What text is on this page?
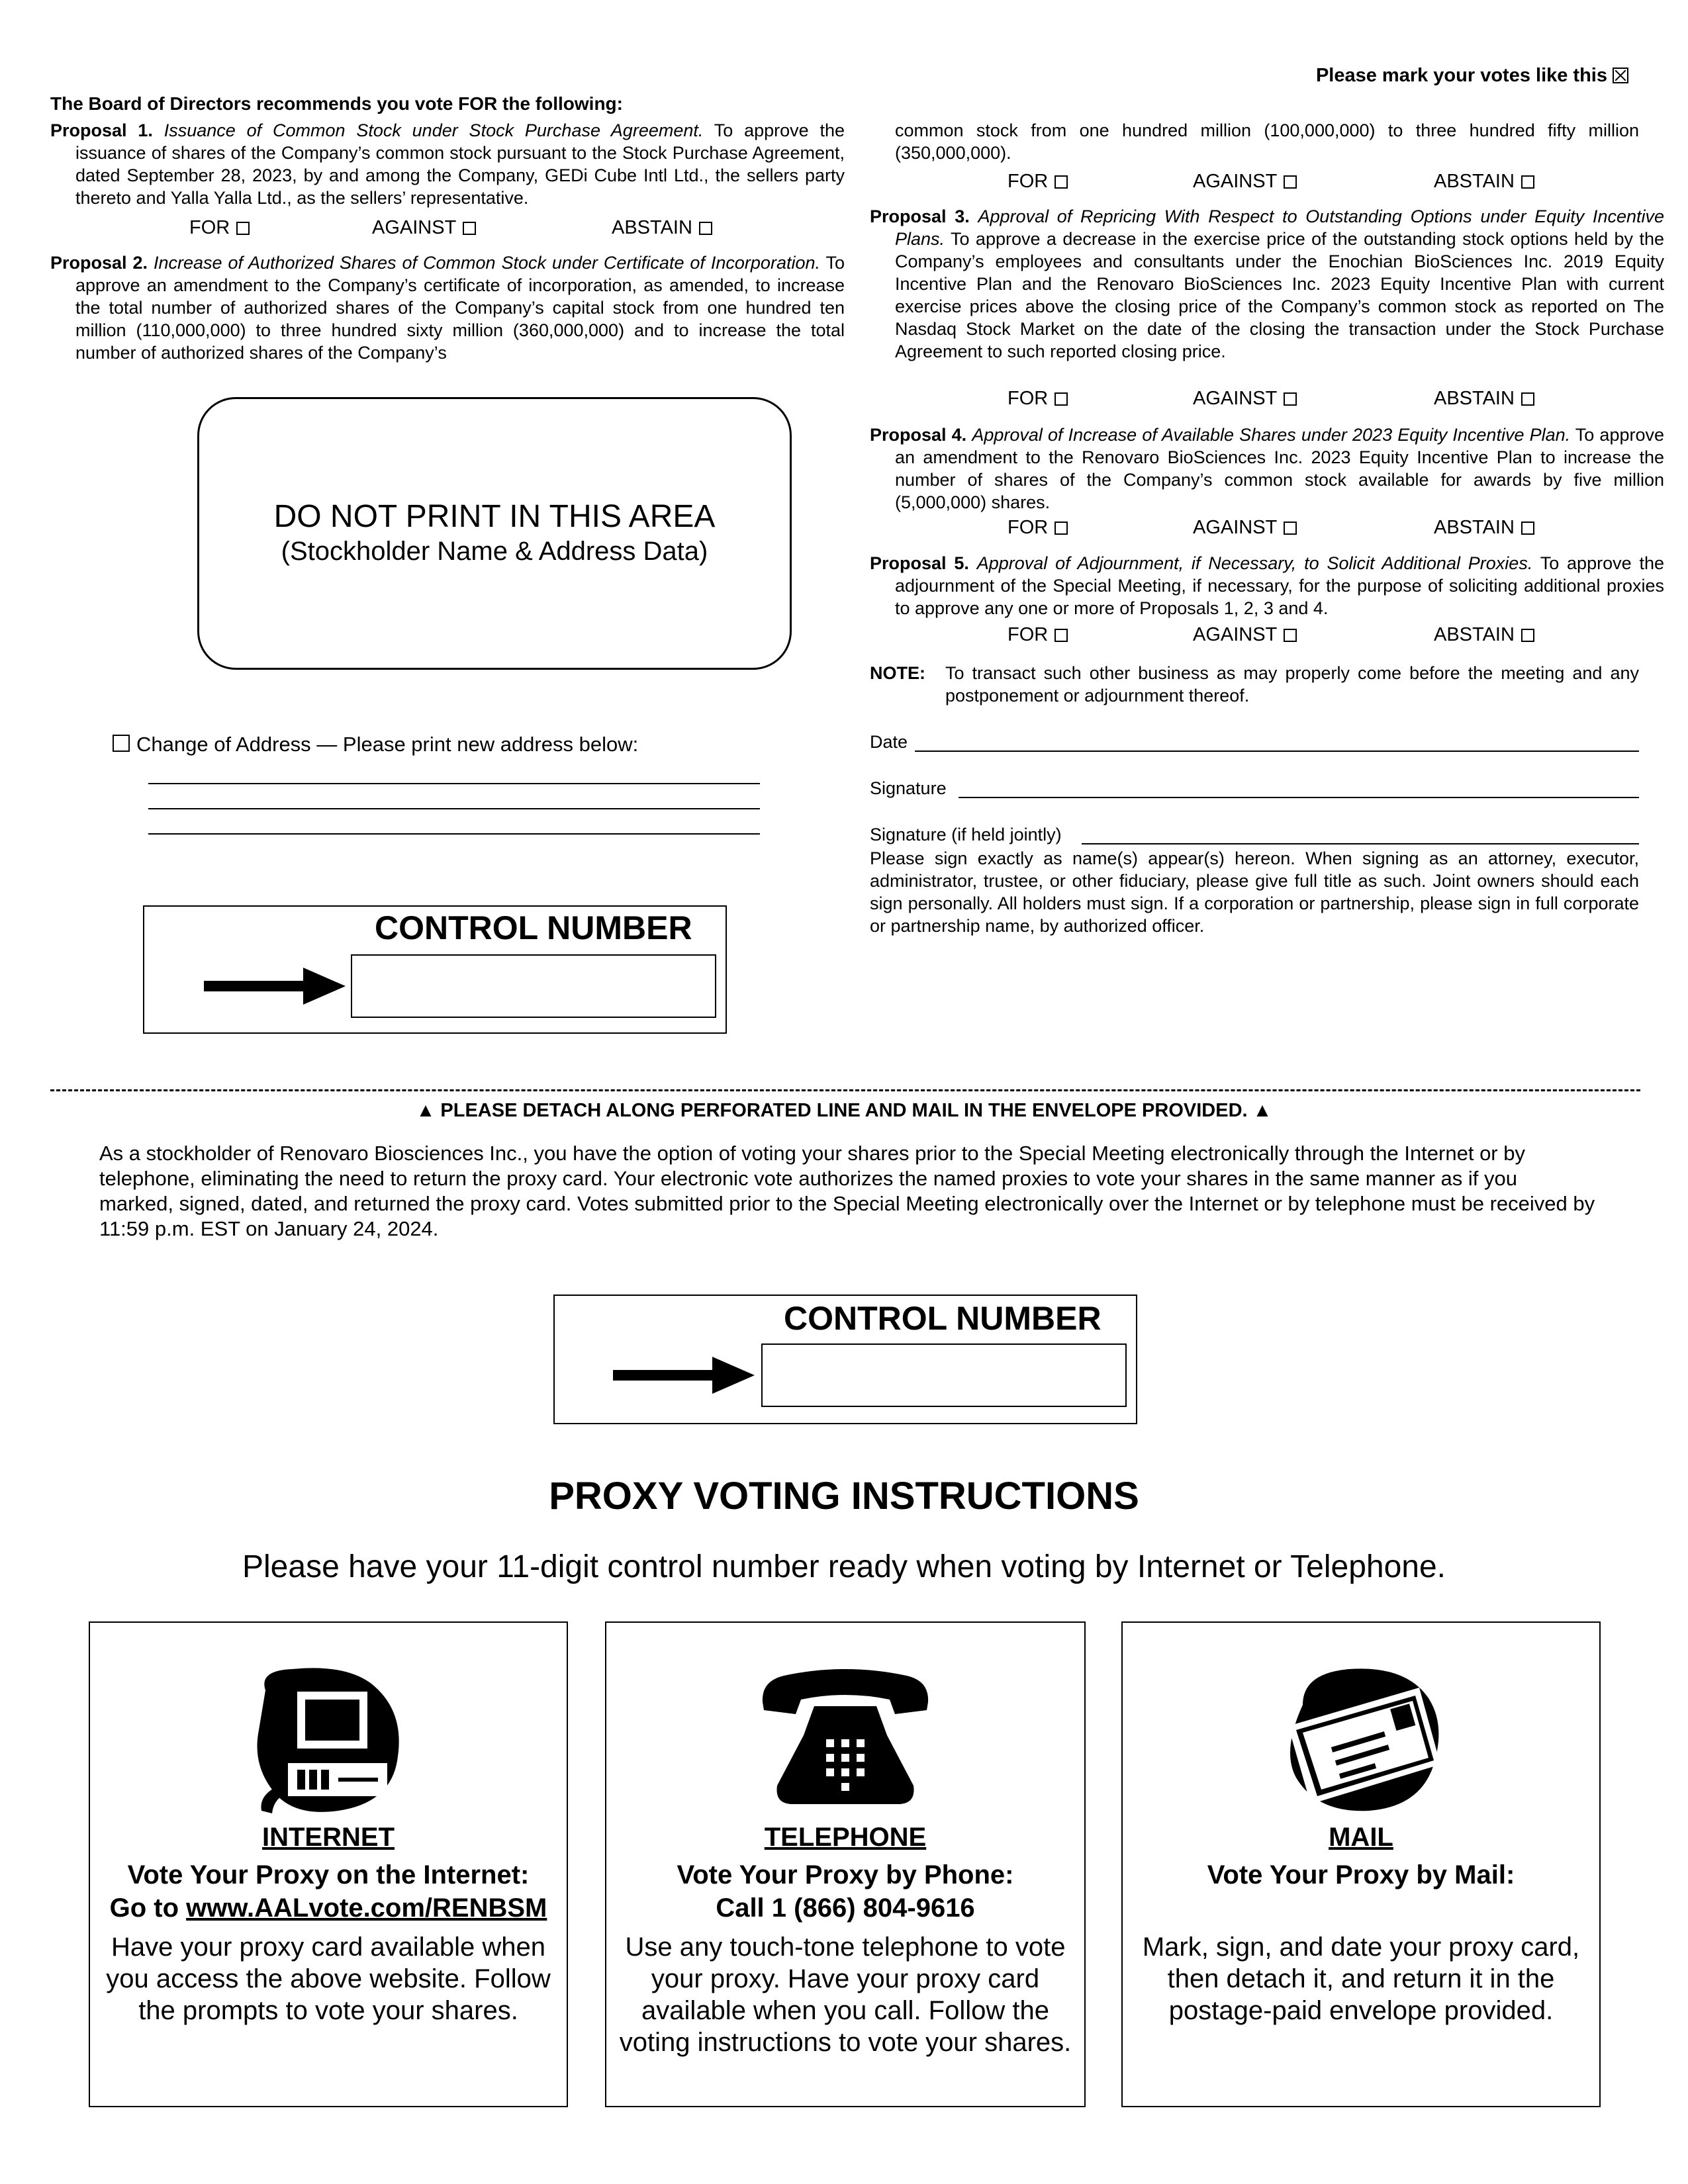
Please mark your votes like this
The Board of Directors recommends you vote FOR the following:
Proposal 1. Issuance of Common Stock under Stock Purchase Agreement. To approve the issuance of shares of the Company’s common stock pursuant to the Stock Purchase Agreement, dated September 28, 2023, by and among the Company, GEDi Cube Intl Ltd., the sellers party thereto and Yalla Yalla Ltd., as the sellers’ representative.
FOR	AGAINST	ABSTAIN
Proposal 2. Increase of Authorized Shares of Common Stock under Certificate of Incorporation. To approve an amendment to the Company’s certificate of incorporation, as amended, to increase the total number of authorized shares of the Company’s capital stock from one hundred ten million (110,000,000) to three hundred sixty million (360,000,000) and to increase the total number of authorized shares of the Company’s
DO NOT PRINT IN THIS AREA
(Stockholder Name & Address Data)
Change of Address — Please print new address below:
CONTROL NUMBER
common stock from one hundred million (100,000,000) to three hundred fifty million (350,000,000).
FOR	AGAINST	ABSTAIN
Proposal 3. Approval of Repricing With Respect to Outstanding Options under Equity Incentive Plans. To approve a decrease in the exercise price of the outstanding stock options held by the Company’s employees and consultants under the Enochian BioSciences Inc. 2019 Equity Incentive Plan and the Renovaro BioSciences Inc. 2023 Equity Incentive Plan with current exercise prices above the closing price of the Company’s common stock as reported on The Nasdaq Stock Market on the date of the closing the transaction under the Stock Purchase Agreement to such reported closing price.
FOR	AGAINST	ABSTAIN
Proposal 4. Approval of Increase of Available Shares under 2023 Equity Incentive Plan. To approve an amendment to the Renovaro BioSciences Inc. 2023 Equity Incentive Plan to increase the number of shares of the Company’s common stock available for awards by five million (5,000,000) shares.
FOR	AGAINST	ABSTAIN
Proposal 5. Approval of Adjournment, if Necessary, to Solicit Additional Proxies. To approve the adjournment of the Special Meeting, if necessary, for the purpose of soliciting additional proxies to approve any one or more of Proposals 1, 2, 3 and 4.
FOR	AGAINST	ABSTAIN
NOTE: To transact such other business as may properly come before the meeting and any postponement or adjournment thereof.
Date
Signature
Signature (if held jointly)
Please sign exactly as name(s) appear(s) hereon. When signing as an attorney, executor, administrator, trustee, or other fiduciary, please give full title as such. Joint owners should each sign personally. All holders must sign. If a corporation or partnership, please sign in full corporate or partnership name, by authorized officer.
▲ PLEASE DETACH ALONG PERFORATED LINE AND MAIL IN THE ENVELOPE PROVIDED. ▲
As a stockholder of Renovaro Biosciences Inc., you have the option of voting your shares prior to the Special Meeting electronically through the Internet or by telephone, eliminating the need to return the proxy card. Your electronic vote authorizes the named proxies to vote your shares in the same manner as if you marked, signed, dated, and returned the proxy card. Votes submitted prior to the Special Meeting electronically over the Internet or by telephone must be received by 11:59 p.m. EST on January 24, 2024.
CONTROL NUMBER
PROXY VOTING INSTRUCTIONS
Please have your 11-digit control number ready when voting by Internet or Telephone.
INTERNET
Vote Your Proxy on the Internet:
Go to www.AALvote.com/RENBSM
Have your proxy card available when you access the above website. Follow the prompts to vote your shares.
TELEPHONE
Vote Your Proxy by Phone:
Call 1 (866) 804-9616
Use any touch-tone telephone to vote your proxy. Have your proxy card available when you call. Follow the voting instructions to vote your shares.
MAIL
Vote Your Proxy by Mail:
Mark, sign, and date your proxy card, then detach it, and return it in the postage-paid envelope provided.
